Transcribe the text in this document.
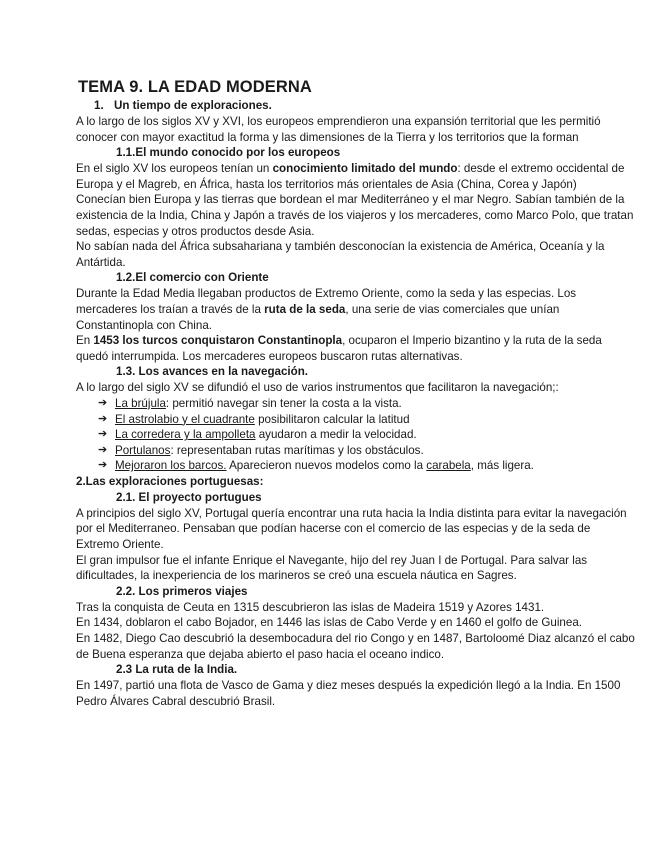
TEMA 9. LA EDAD MODERNA
1. Un tiempo de exploraciones.

A lo largo de los siglos XV y XVI, los europeos emprendieron una expansión territorial que les permitió conocer con mayor exactitud la forma y las dimensiones de la Tierra y los territorios que la forman

1.1.El mundo conocido por los europeos

En el siglo XV los europeos tenían un conocimiento limitado del mundo: desde el extremo occidental de Europa y el Magreb, en África, hasta los territorios más orientales de Asia (China, Corea y Japón)

Conecían bien Europa y las tierras que bordean el mar Mediterráneo y el mar Negro. Sabían también de la existencia de la India, China y Japón a través de los viajeros y los mercaderes, como Marco Polo, que tratan sedas, especias y otros productos desde Asia.

No sabían nada del África subsahariana y también desconocían la existencia de América, Oceanía y la Antártida.

1.2.El comercio con Oriente

Durante la Edad Media llegaban productos de Extremo Oriente, como la seda y las especias. Los mercaderes los traían a través de la ruta de la seda, una serie de vias comerciales que unían Constantinopla con China.

En 1453 los turcos conquistaron Constantinopla, ocuparon el Imperio bizantino y la ruta de la seda quedó interrumpida. Los mercaderes europeos buscaron rutas alternativas.

1.3. Los avances en la navegación.

A lo largo del siglo XV se difundió el uso de varios instrumentos que facilitaron la navegación;:

➔ La brújula: permitió navegar sin tener la costa a la vista.
➔ El astrolabio y el cuadrante posibilitaron calcular la latitud
➔ La corredera y la ampolleta ayudaron a medir la velocidad.
➔ Portulanos: representaban rutas marítimas y los obstáculos.
➔ Mejoraron los barcos. Aparecieron nuevos modelos como la carabela, más ligera.
2.Las exploraciones portuguesas:
2.1. El proyecto portugues

A principios del siglo XV, Portugal quería encontrar una ruta hacia la India distinta para evitar la navegación por el Mediterraneo. Pensaban que podían hacerse con el comercio de las especias y de la seda de Extremo Oriente.

El gran impulsor fue el infante Enrique el Navegante, hijo del rey Juan I de Portugal. Para salvar las dificultades, la inexperiencia de los marineros se creó una escuela náutica en Sagres.

2.2. Los primeros viajes

Tras la conquista de Ceuta en 1315 descubrieron las islas de Madeira 1519 y Azores 1431.

En 1434, doblaron el cabo Bojador, en 1446 las islas de Cabo Verde y en 1460 el golfo de Guinea.

En 1482, Diego Cao descubrió la desembocadura del rio Congo y en 1487, Bartoloomé Diaz alcanzó el cabo de Buena esperanza que dejaba abierto el paso hacia el oceano indico.

2.3 La ruta de la India.

En 1497, partió una flota de Vasco de Gama y diez meses después la expedición llegó a la India. En 1500 Pedro Álvares Cabral descubrió Brasil.
